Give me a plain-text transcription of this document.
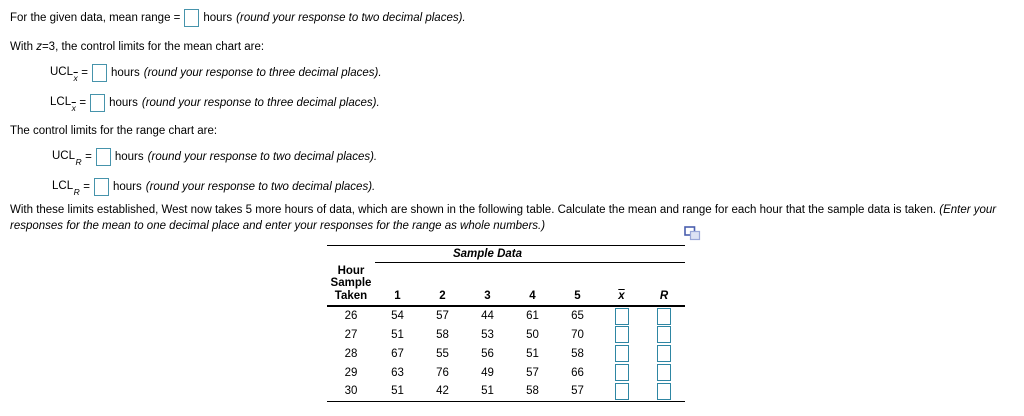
For the given data, mean range = hours (round your response to two decimal places).
With z=3, the control limits for the mean chart are:
$UCL_{\overline{x}}$ = hours (round your response to three decimal places).
$LCL_{\overline{x}}$ = hours (round your response to three decimal places).
The control limits for the range chart are:
$UCL_R$ = hours (round your response to two decimal places).
$LCL_R$ = hours (round your response to two decimal places).
With these limits established, West now takes 5 more hours of data, which are shown in the following table. Calculate the mean and range for each hour that the sample data is taken. (Enter your responses for the mean to one decimal place and enter your responses for the range as whole numbers.)
	Sample Data						

Hour
Sample
Taken	1	2	3	4	5	$\overline{x}$	R
26	54	57	44	61	65		
27	51	58	53	50	70		
28	67	55	56	51	58		
29	63	76	49	57	66		
30	51	42	51	58	57		
